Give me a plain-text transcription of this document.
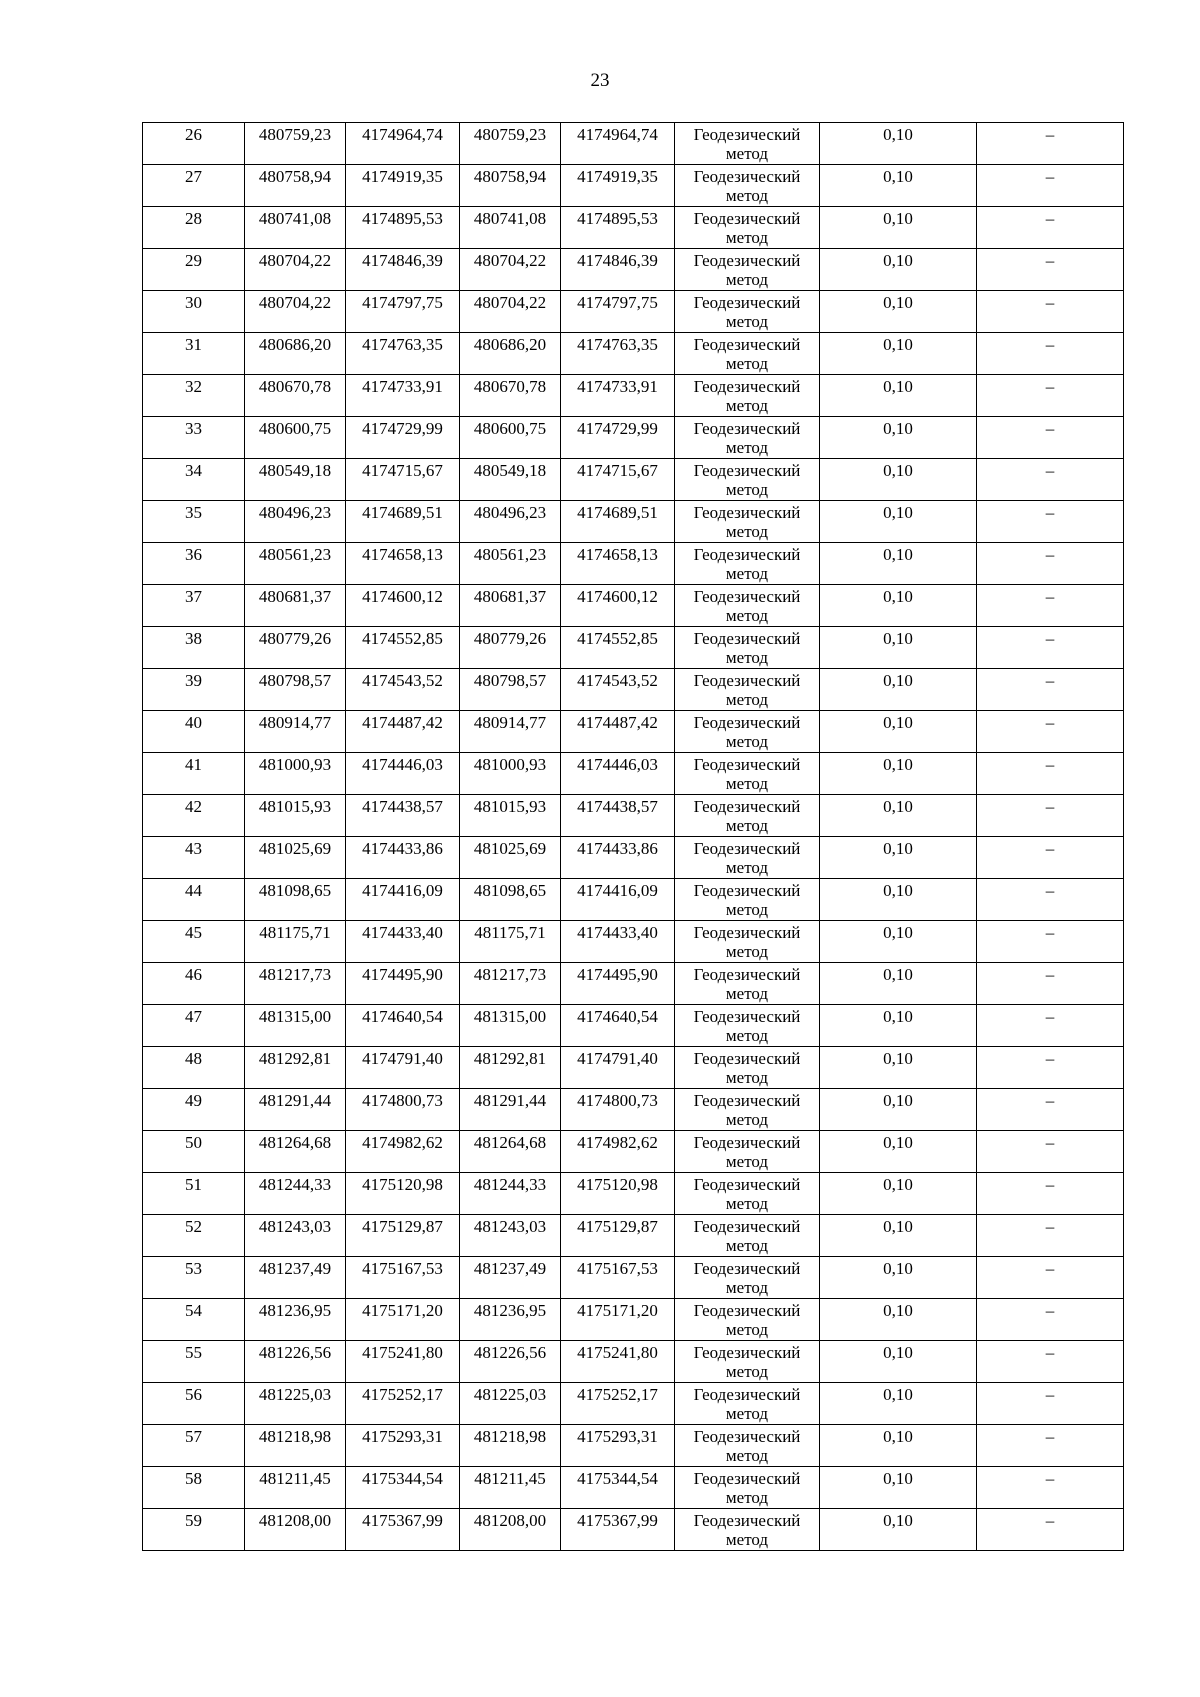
23
26	480759,23	4174964,74	480759,23	4174964,74	Геодезический
метод	0,10	–

27	480758,94	4174919,35	480758,94	4174919,35	Геодезический
метод	0,10	–

28	480741,08	4174895,53	480741,08	4174895,53	Геодезический
метод	0,10	–

29	480704,22	4174846,39	480704,22	4174846,39	Геодезический
метод	0,10	–

30	480704,22	4174797,75	480704,22	4174797,75	Геодезический
метод	0,10	–

31	480686,20	4174763,35	480686,20	4174763,35	Геодезический
метод	0,10	–

32	480670,78	4174733,91	480670,78	4174733,91	Геодезический
метод	0,10	–

33	480600,75	4174729,99	480600,75	4174729,99	Геодезический
метод	0,10	–

34	480549,18	4174715,67	480549,18	4174715,67	Геодезический
метод	0,10	–

35	480496,23	4174689,51	480496,23	4174689,51	Геодезический
метод	0,10	–

36	480561,23	4174658,13	480561,23	4174658,13	Геодезический
метод	0,10	–

37	480681,37	4174600,12	480681,37	4174600,12	Геодезический
метод	0,10	–

38	480779,26	4174552,85	480779,26	4174552,85	Геодезический
метод	0,10	–

39	480798,57	4174543,52	480798,57	4174543,52	Геодезический
метод	0,10	–

40	480914,77	4174487,42	480914,77	4174487,42	Геодезический
метод	0,10	–

41	481000,93	4174446,03	481000,93	4174446,03	Геодезический
метод	0,10	–

42	481015,93	4174438,57	481015,93	4174438,57	Геодезический
метод	0,10	–

43	481025,69	4174433,86	481025,69	4174433,86	Геодезический
метод	0,10	–

44	481098,65	4174416,09	481098,65	4174416,09	Геодезический
метод	0,10	–

45	481175,71	4174433,40	481175,71	4174433,40	Геодезический
метод	0,10	–

46	481217,73	4174495,90	481217,73	4174495,90	Геодезический
метод	0,10	–

47	481315,00	4174640,54	481315,00	4174640,54	Геодезический
метод	0,10	–

48	481292,81	4174791,40	481292,81	4174791,40	Геодезический
метод	0,10	–

49	481291,44	4174800,73	481291,44	4174800,73	Геодезический
метод	0,10	–

50	481264,68	4174982,62	481264,68	4174982,62	Геодезический
метод	0,10	–

51	481244,33	4175120,98	481244,33	4175120,98	Геодезический
метод	0,10	–

52	481243,03	4175129,87	481243,03	4175129,87	Геодезический
метод	0,10	–

53	481237,49	4175167,53	481237,49	4175167,53	Геодезический
метод	0,10	–

54	481236,95	4175171,20	481236,95	4175171,20	Геодезический
метод	0,10	–

55	481226,56	4175241,80	481226,56	4175241,80	Геодезический
метод	0,10	–

56	481225,03	4175252,17	481225,03	4175252,17	Геодезический
метод	0,10	–

57	481218,98	4175293,31	481218,98	4175293,31	Геодезический
метод	0,10	–

58	481211,45	4175344,54	481211,45	4175344,54	Геодезический
метод	0,10	–

59	481208,00	4175367,99	481208,00	4175367,99	Геодезический
метод	0,10	–
